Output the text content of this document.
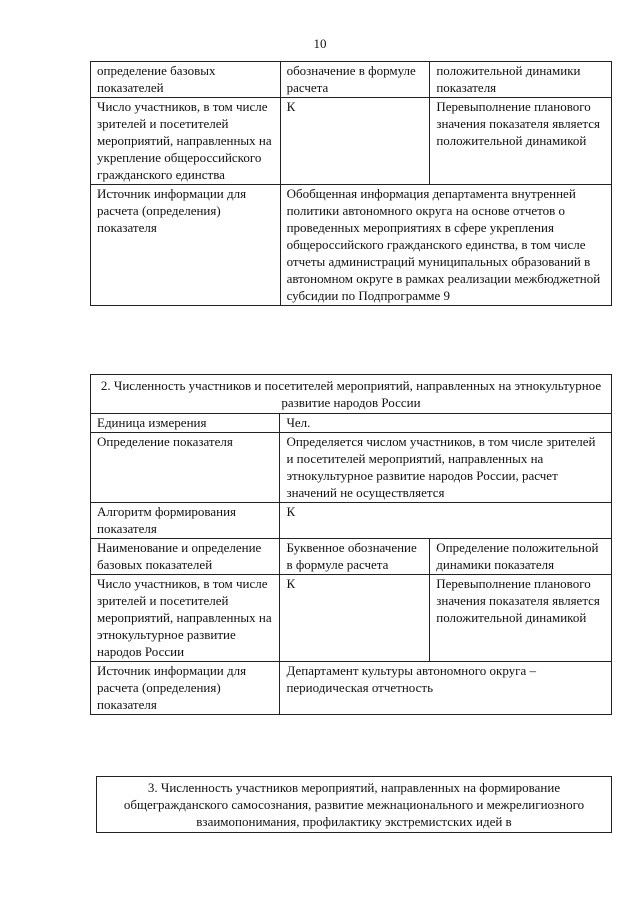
10
определение базовых показателей	обозначение в формуле расчета	положительной динамики показателя
Число участников, в том числе зрителей и посетителей мероприятий, направленных на укрепление общероссийского гражданского единства	К	Перевыполнение планового значения показателя является положительной динамикой
Источник информации для расчета (определения) показателя	Обобщенная информация департамента внутренней политики автономного округа на основе отчетов о проведенных мероприятиях в сфере укрепления общероссийского гражданского единства, в том числе отчеты администраций муниципальных образований в автономном округе в рамках реализации межбюджетной субсидии по Подпрограмме 9	
2. Численность участников и посетителей мероприятий, направленных на этнокультурное развитие народов России		
Единица измерения	Чел.	
Определение показателя	Определяется числом участников, в том числе зрителей и посетителей мероприятий, направленных на этнокультурное развитие народов России, расчет значений не осуществляется	
Алгоритм формирования показателя	К	
Наименование и определение базовых показателей	Буквенное обозначение в формуле расчета	Определение положительной динамики показателя
Число участников, в том числе зрителей и посетителей мероприятий, направленных на этнокультурное развитие народов России	К	Перевыполнение планового значения показателя является положительной динамикой
Источник информации для расчета (определения) показателя	Департамент культуры автономного округа – периодическая отчетность	
3. Численность участников мероприятий, направленных на формирование общегражданского самосознания, развитие межнационального и межрелигиозного взаимопонимания, профилактику экстремистских идей в
